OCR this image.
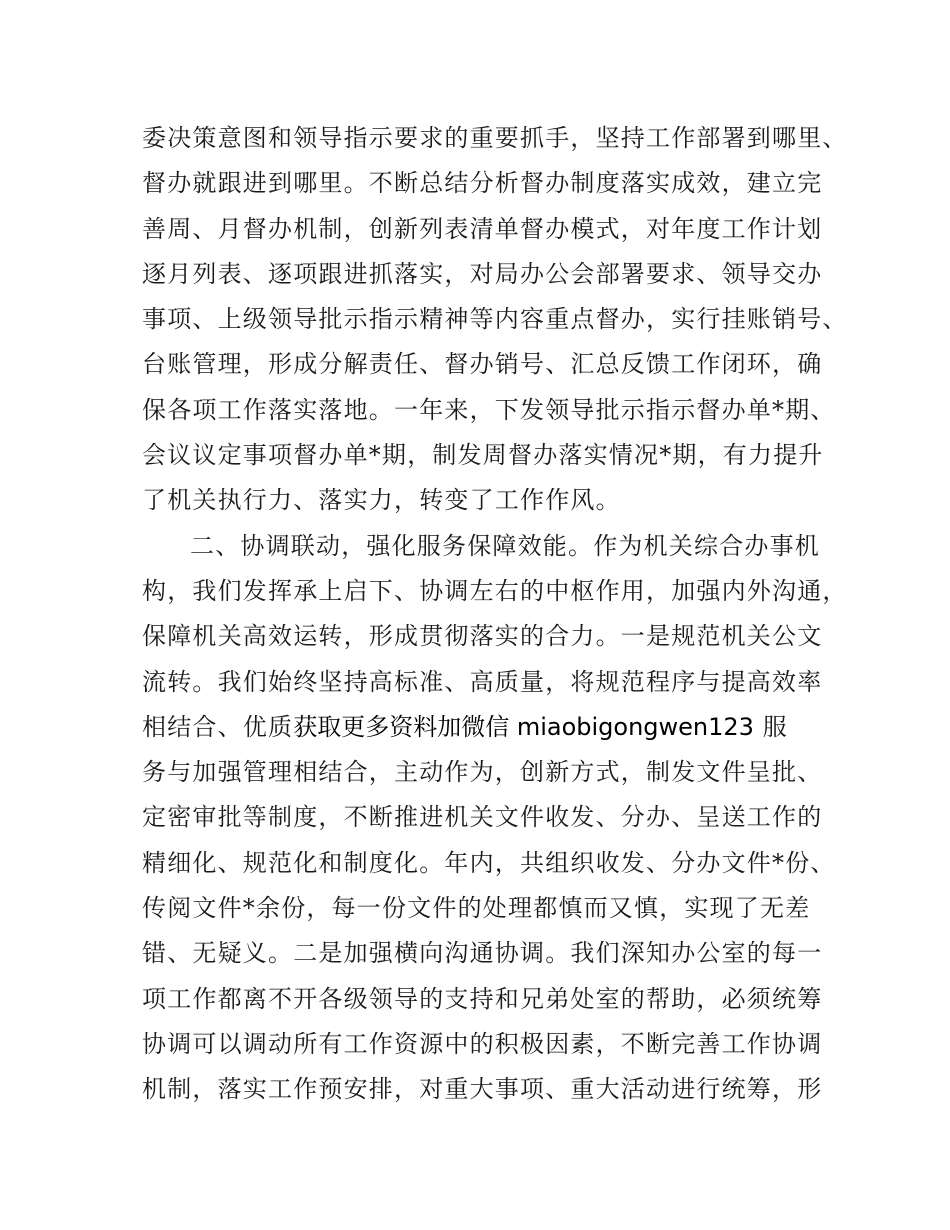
委决策意图和领导指示要求的重要抓手，坚持工作部署到哪里、
督办就跟进到哪里。不断总结分析督办制度落实成效，建立完
善周、月督办机制，创新列表清单督办模式，对年度工作计划
逐月列表、逐项跟进抓落实，对局办公会部署要求、领导交办
事项、上级领导批示指示精神等内容重点督办，实行挂账销号、
台账管理，形成分解责任、督办销号、汇总反馈工作闭环，确
保各项工作落实落地。一年来，下发领导批示指示督办单*期、
会议议定事项督办单*期，制发周督办落实情况*期，有力提升
了机关执行力、落实力，转变了工作作风。
二、协调联动，强化服务保障效能。作为机关综合办事机
构，我们发挥承上启下、协调左右的中枢作用，加强内外沟通，
保障机关高效运转，形成贯彻落实的合力。一是规范机关公文
流转。我们始终坚持高标准、高质量，将规范程序与提高效率
相结合、优质获取更多资料加微信 miaobigongwen123 服
务与加强管理相结合，主动作为，创新方式，制发文件呈批、
定密审批等制度，不断推进机关文件收发、分办、呈送工作的
精细化、规范化和制度化。年内，共组织收发、分办文件*份、
传阅文件*余份，每一份文件的处理都慎而又慎，实现了无差
错、无疑义。二是加强横向沟通协调。我们深知办公室的每一
项工作都离不开各级领导的支持和兄弟处室的帮助，必须统筹
协调可以调动所有工作资源中的积极因素，不断完善工作协调
机制，落实工作预安排，对重大事项、重大活动进行统筹，形
